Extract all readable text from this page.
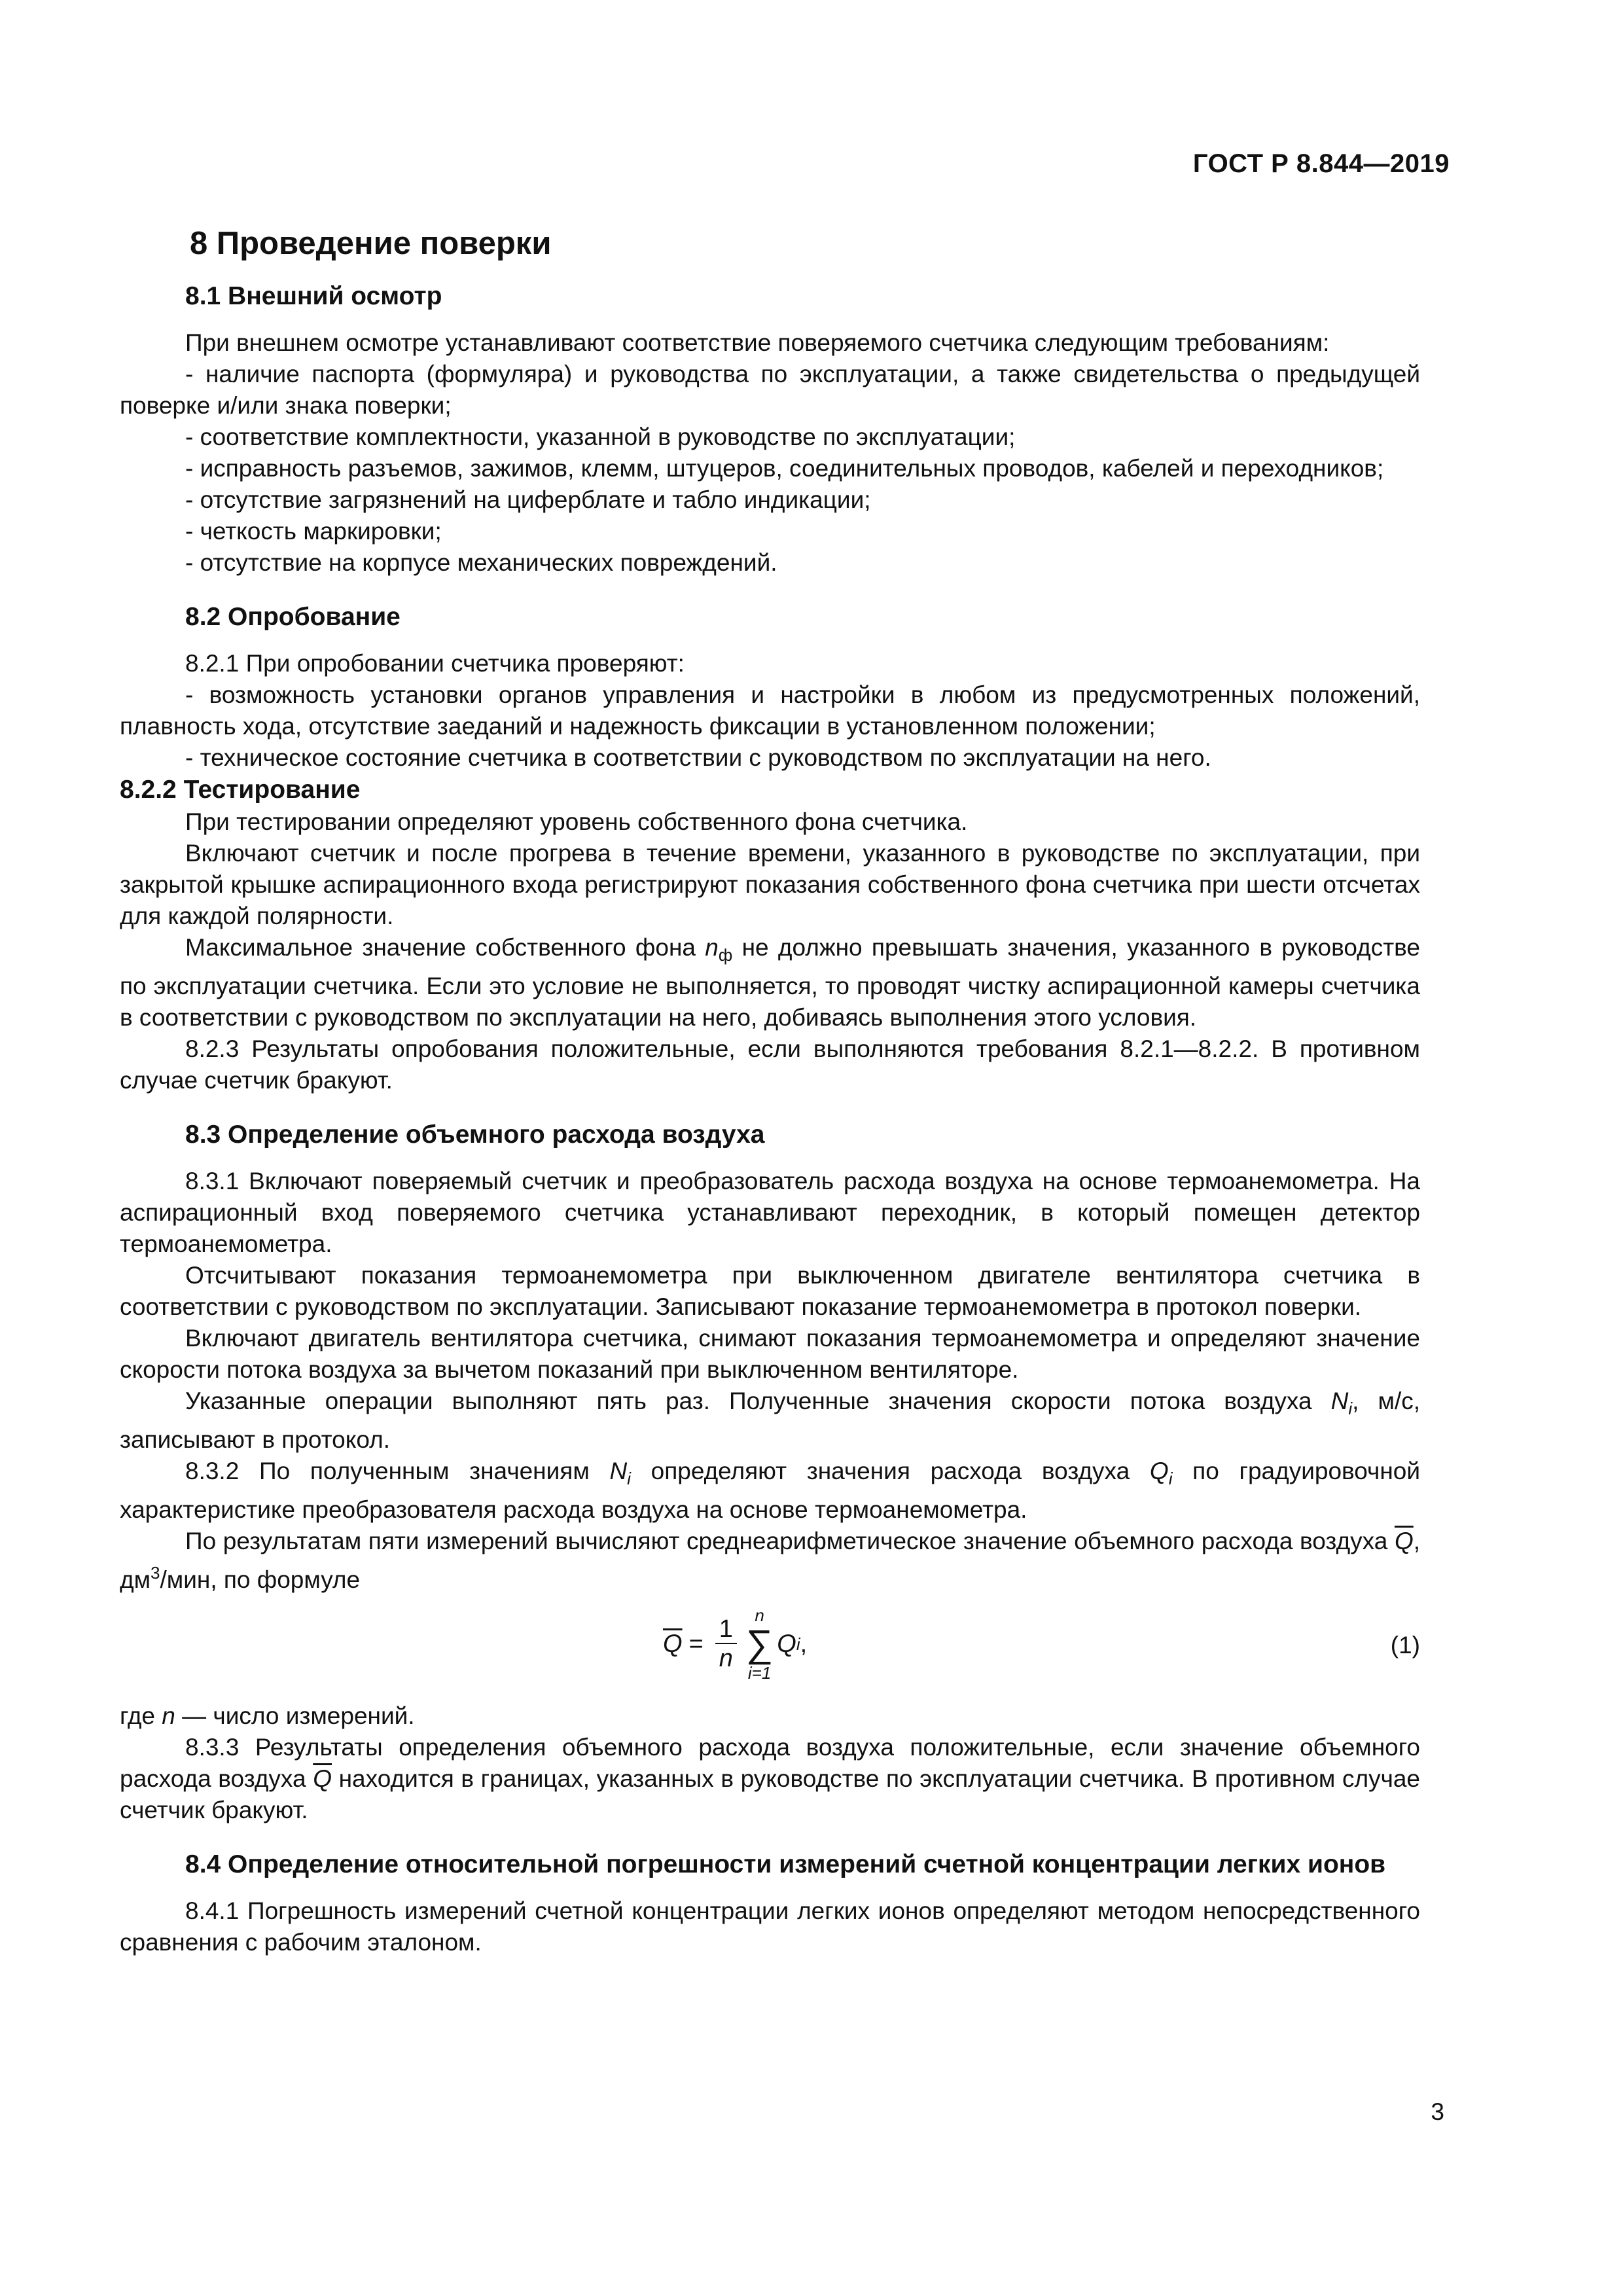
ГОСТ Р 8.844—2019
8 Проведение поверки
8.1 Внешний осмотр

При внешнем осмотре устанавливают соответствие поверяемого счетчика следующим требованиям:

- наличие паспорта (формуляра) и руководства по эксплуатации, а также свидетельства о предыдущей поверке и/или знака поверки;

- соответствие комплектности, указанной в руководстве по эксплуатации;

- исправность разъемов, зажимов, клемм, штуцеров, соединительных проводов, кабелей и переходников;

- отсутствие загрязнений на циферблате и табло индикации;

- четкость маркировки;

- отсутствие на корпусе механических повреждений.

8.2 Опробование

8.2.1 При опробовании счетчика проверяют:

- возможность установки органов управления и настройки в любом из предусмотренных положений, плавность хода, отсутствие заеданий и надежность фиксации в установленном положении;

- техническое состояние счетчика в соответствии с руководством по эксплуатации на него.

8.2.2 Тестирование

При тестировании определяют уровень собственного фона счетчика.

Включают счетчик и после прогрева в течение времени, указанного в руководстве по эксплуатации, при закрытой крышке аспирационного входа регистрируют показания собственного фона счетчика при шести отсчетах для каждой полярности.

Максимальное значение собственного фона $n_ф$ не должно превышать значения, указанного в руководстве по эксплуатации счетчика. Если это условие не выполняется, то проводят чистку аспирационной камеры счетчика в соответствии с руководством по эксплуатации на него, добиваясь выполнения этого условия.

8.2.3 Результаты опробования положительные, если выполняются требования 8.2.1—8.2.2. В противном случае счетчик бракуют.

8.3 Определение объемного расхода воздуха

8.3.1 Включают поверяемый счетчик и преобразователь расхода воздуха на основе термоанемометра. На аспирационный вход поверяемого счетчика устанавливают переходник, в который помещен детектор термоанемометра.

Отсчитывают показания термоанемометра при выключенном двигателе вентилятора счетчика в соответствии с руководством по эксплуатации. Записывают показание термоанемометра в протокол поверки.

Включают двигатель вентилятора счетчика, снимают показания термоанемометра и определяют значение скорости потока воздуха за вычетом показаний при выключенном вентиляторе.

Указанные операции выполняют пять раз. Полученные значения скорости потока воздуха $N_i$, м/с, записывают в протокол.

8.3.2 По полученным значениям $N_i$ определяют значения расхода воздуха $Q_i$ по градуировочной характеристике преобразователя расхода воздуха на основе термоанемометра.

По результатам пяти измерений вычисляют среднеарифметическое значение объемного расхода воздуха $\overline{Q}$, $дм^3$/мин, по формуле

$\overline{Q} = \frac{1}{n}$ n
∑
i=1
Q i ,	(1)

где n — число измерений.

8.3.3 Результаты определения объемного расхода воздуха положительные, если значение объемного расхода воздуха $\overline{Q}$ находится в границах, указанных в руководстве по эксплуатации счетчика. В противном случае счетчик бракуют.

8.4 Определение относительной погрешности измерений счетной концентрации легких ионов

8.4.1 Погрешность измерений счетной концентрации легких ионов определяют методом непосредственного сравнения с рабочим эталоном.

3
